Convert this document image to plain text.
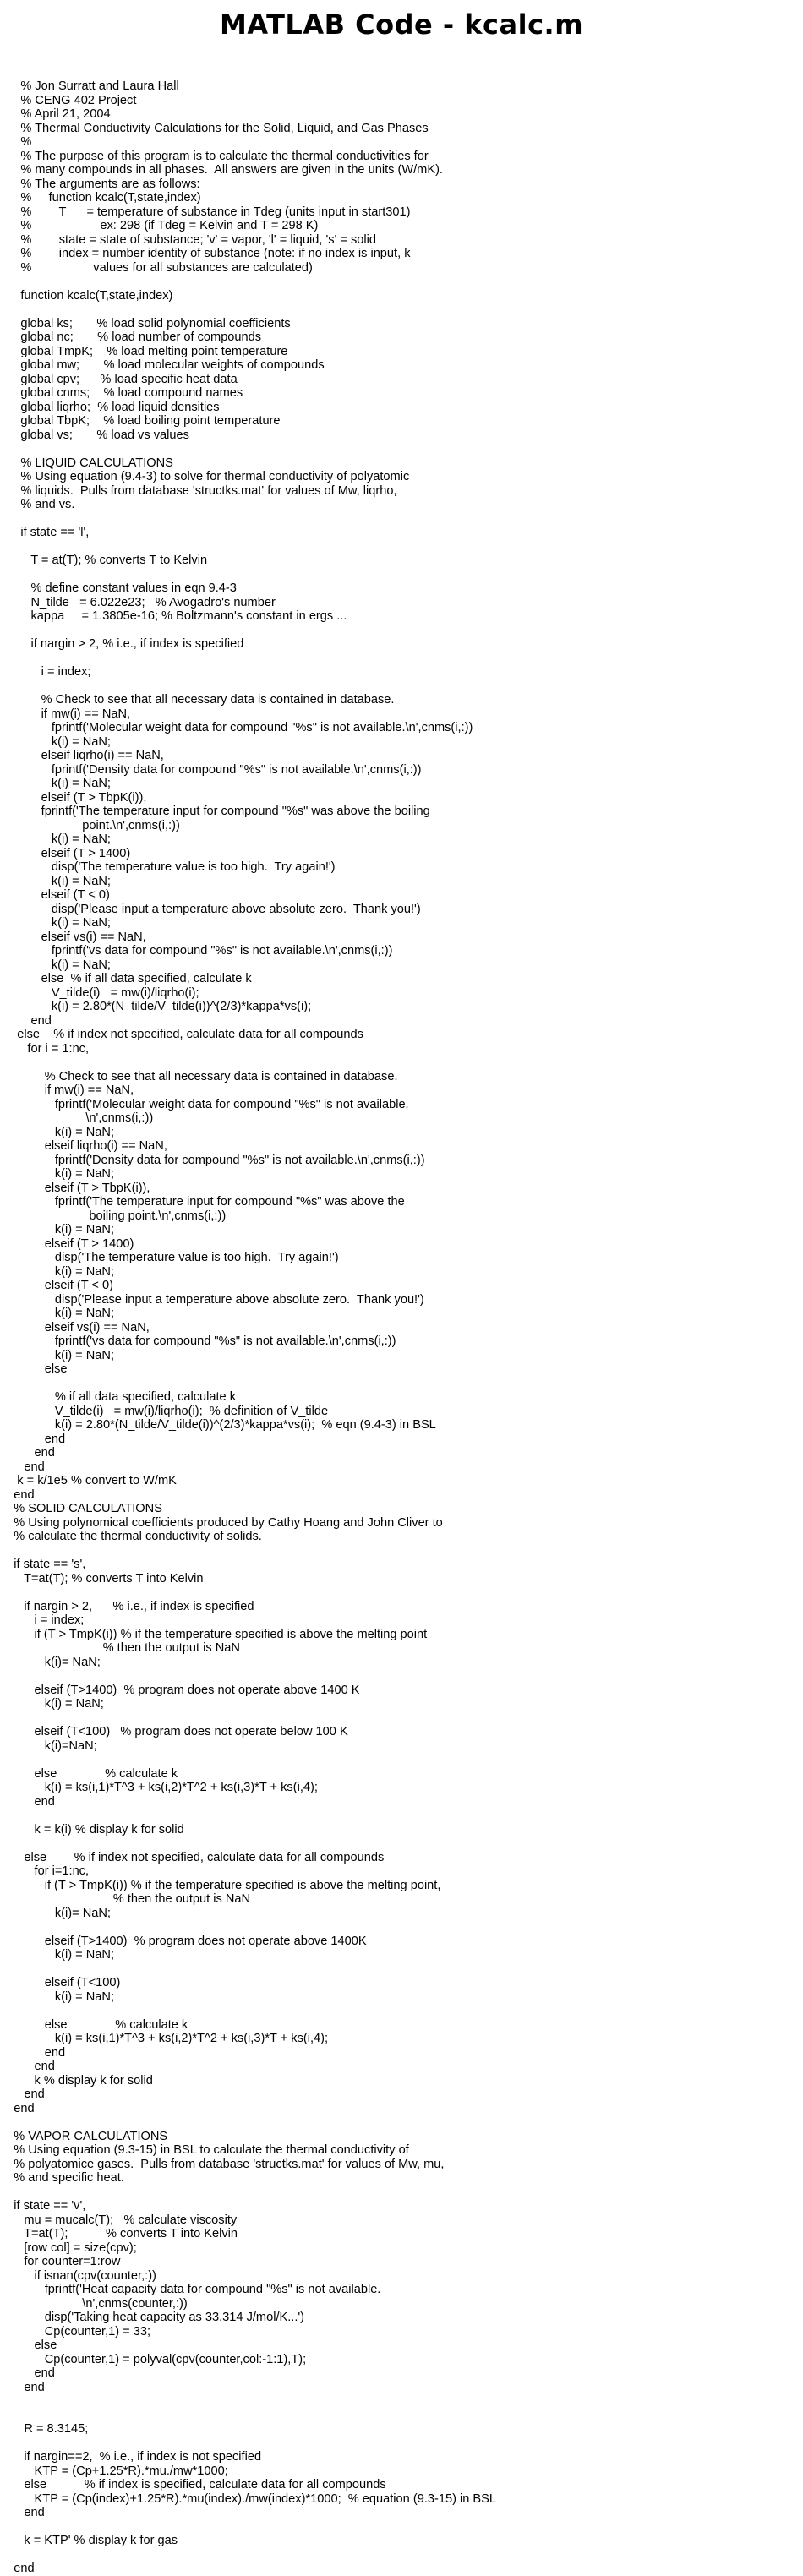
MATLAB Code - kcalc.m
% Jon Surratt and Laura Hall
% CENG 402 Project
% April 21, 2004
% Thermal Conductivity Calculations for the Solid, Liquid, and Gas Phases
%
% The purpose of this program is to calculate the thermal conductivities for
% many compounds in all phases.  All answers are given in the units (W/mK).
% The arguments are as follows:
%     function kcalc(T,state,index)
%        T      = temperature of substance in Tdeg (units input in start301)
%                    ex: 298 (if Tdeg = Kelvin and T = 298 K)
%        state = state of substance; 'v' = vapor, 'l' = liquid, 's' = solid
%        index = number identity of substance (note: if no index is input, k
%                  values for all substances are calculated)

function kcalc(T,state,index)

global ks;       % load solid polynomial coefficients
global nc;       % load number of compounds
global TmpK;    % load melting point temperature
global mw;       % load molecular weights of compounds
global cpv;      % load specific heat data
global cnms;    % load compound names
global liqrho;  % load liquid densities
global TbpK;    % load boiling point temperature
global vs;       % load vs values

% LIQUID CALCULATIONS
% Using equation (9.4-3) to solve for thermal conductivity of polyatomic
% liquids.  Pulls from database 'structks.mat' for values of Mw, liqrho,
% and vs.

if state == 'l',

T = at(T); % converts T to Kelvin

% define constant values in eqn 9.4-3
N_tilde   = 6.022e23;   % Avogadro's number
kappa     = 1.3805e-16; % Boltzmann's constant in ergs ...

if nargin > 2, % i.e., if index is specified

i = index;

% Check to see that all necessary data is contained in database.
if mw(i) == NaN,
fprintf('Molecular weight data for compound "%s" is not available.\n',cnms(i,:))
k(i) = NaN;
elseif liqrho(i) == NaN,
fprintf('Density data for compound "%s" is not available.\n',cnms(i,:))
k(i) = NaN;
elseif (T > TbpK(i)),
fprintf('The temperature input for compound "%s" was above the boiling
point.\n',cnms(i,:))
k(i) = NaN;
elseif (T > 1400)
disp('The temperature value is too high.  Try again!')
k(i) = NaN;
elseif (T < 0)
disp('Please input a temperature above absolute zero.  Thank you!')
k(i) = NaN;
elseif vs(i) == NaN,
fprintf('vs data for compound "%s" is not available.\n',cnms(i,:))
k(i) = NaN;
else  % if all data specified, calculate k
V_tilde(i)   = mw(i)/liqrho(i);
k(i) = 2.80*(N_tilde/V_tilde(i))^(2/3)*kappa*vs(i);
end
else    % if index not specified, calculate data for all compounds
for i = 1:nc,

% Check to see that all necessary data is contained in database.
if mw(i) == NaN,
fprintf('Molecular weight data for compound "%s" is not available.
\n',cnms(i,:))
k(i) = NaN;
elseif liqrho(i) == NaN,
fprintf('Density data for compound "%s" is not available.\n',cnms(i,:))
k(i) = NaN;
elseif (T > TbpK(i)),
fprintf('The temperature input for compound "%s" was above the
boiling point.\n',cnms(i,:))
k(i) = NaN;
elseif (T > 1400)
disp('The temperature value is too high.  Try again!')
k(i) = NaN;
elseif (T < 0)
disp('Please input a temperature above absolute zero.  Thank you!')
k(i) = NaN;
elseif vs(i) == NaN,
fprintf('vs data for compound "%s" is not available.\n',cnms(i,:))
k(i) = NaN;
else

% if all data specified, calculate k
V_tilde(i)   = mw(i)/liqrho(i);  % definition of V_tilde
k(i) = 2.80*(N_tilde/V_tilde(i))^(2/3)*kappa*vs(i);  % eqn (9.4-3) in BSL
end
end
end
k = k/1e5 % convert to W/mK
end
% SOLID CALCULATIONS
% Using polynomical coefficients produced by Cathy Hoang and John Cliver to
% calculate the thermal conductivity of solids.

if state == 's',
T=at(T); % converts T into Kelvin

if nargin > 2,      % i.e., if index is specified
i = index;
if (T > TmpK(i)) % if the temperature specified is above the melting point
% then the output is NaN
k(i)= NaN;

elseif (T>1400)  % program does not operate above 1400 K
k(i) = NaN;

elseif (T<100)   % program does not operate below 100 K
k(i)=NaN;

else              % calculate k
k(i) = ks(i,1)*T^3 + ks(i,2)*T^2 + ks(i,3)*T + ks(i,4);
end

k = k(i) % display k for solid

else        % if index not specified, calculate data for all compounds
for i=1:nc,
if (T > TmpK(i)) % if the temperature specified is above the melting point,
% then the output is NaN
k(i)= NaN;

elseif (T>1400)  % program does not operate above 1400K
k(i) = NaN;

elseif (T<100)
k(i) = NaN;

else              % calculate k
k(i) = ks(i,1)*T^3 + ks(i,2)*T^2 + ks(i,3)*T + ks(i,4);
end
end
k % display k for solid
end
end

% VAPOR CALCULATIONS
% Using equation (9.3-15) in BSL to calculate the thermal conductivity of
% polyatomice gases.  Pulls from database 'structks.mat' for values of Mw, mu,
% and specific heat.

if state == 'v',
mu = mucalc(T);   % calculate viscosity
T=at(T);           % converts T into Kelvin
[row col] = size(cpv);
for counter=1:row
if isnan(cpv(counter,:))
fprintf('Heat capacity data for compound "%s" is not available.
\n',cnms(counter,:))
disp('Taking heat capacity as 33.314 J/mol/K...')
Cp(counter,1) = 33;
else
Cp(counter,1) = polyval(cpv(counter,col:-1:1),T);
end
end

R = 8.3145;

if nargin==2,  % i.e., if index is not specified
KTP = (Cp+1.25*R).*mu./mw*1000;
else           % if index is specified, calculate data for all compounds
KTP = (Cp(index)+1.25*R).*mu(index)./mw(index)*1000;  % equation (9.3-15) in BSL
end

k = KTP' % display k for gas

end
